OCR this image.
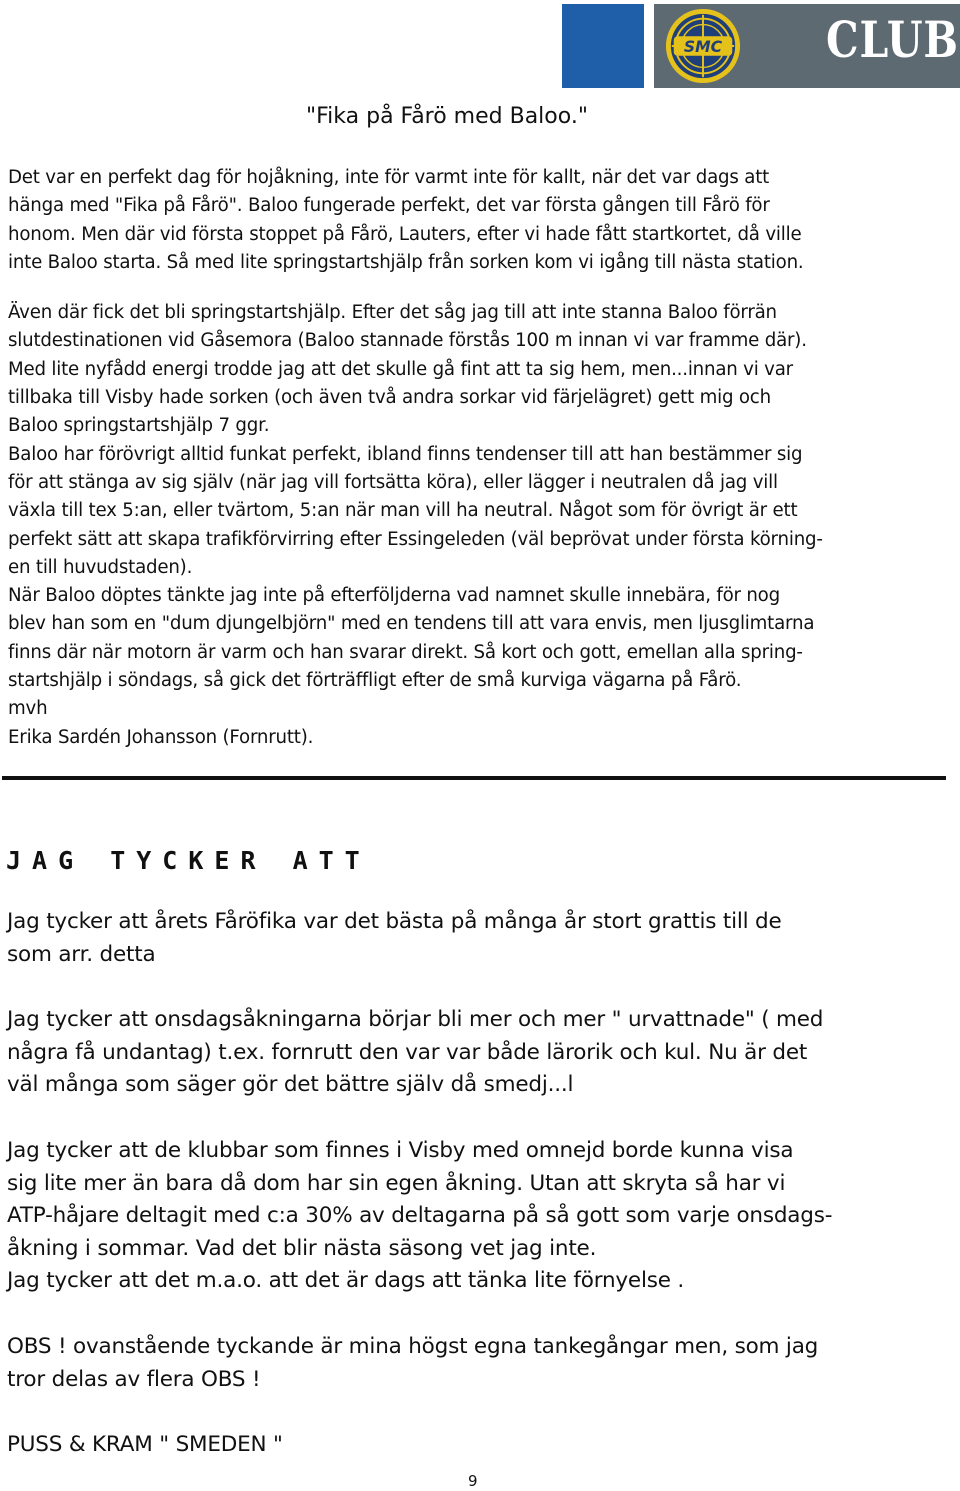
SMC CLUB
"Fika på Fårö med Baloo."

Det var en perfekt dag för hojåkning, inte för varmt inte för kallt, när det var dags att

hänga med "Fika på Fårö". Baloo fungerade perfekt, det var första gången till Fårö för

honom. Men där vid första stoppet på Fårö, Lauters, efter vi hade fått startkortet, då ville

inte Baloo starta. Så med lite springstartshjälp från sorken kom vi igång till nästa station.

Även där fick det bli springstartshjälp. Efter det såg jag till att inte stanna Baloo förrän

slutdestinationen vid Gåsemora (Baloo stannade förstås 100 m innan vi var framme där).

Med lite nyfådd energi trodde jag att det skulle gå fint att ta sig hem, men...innan vi var

tillbaka till Visby hade sorken (och även två andra sorkar vid färjelägret) gett mig och

Baloo springstartshjälp 7 ggr.

Baloo har förövrigt alltid funkat perfekt, ibland finns tendenser till att han bestämmer sig

för att stänga av sig själv (när jag vill fortsätta köra), eller lägger i neutralen då jag vill

växla till tex 5:an, eller tvärtom, 5:an när man vill ha neutral. Något som för övrigt är ett

perfekt sätt att skapa trafikförvirring efter Essingeleden (väl beprövat under första körning-

en till huvudstaden).

När Baloo döptes tänkte jag inte på efterföljderna vad namnet skulle innebära, för nog

blev han som en "dum djungelbjörn" med en tendens till att vara envis, men ljusglimtarna

finns där när motorn är varm och han svarar direkt. Så kort och gott, emellan alla spring-

startshjälp i söndags, så gick det förträffligt efter de små kurviga vägarna på Fårö.

mvh

Erika Sardén Johansson (Fornrutt).

JAG TYCKER ATT

Jag tycker att årets Fåröfika var det bästa på många år stort grattis till de

som arr. detta

Jag tycker att onsdagsåkningarna börjar bli mer och mer " urvattnade" ( med

några få undantag) t.ex. fornrutt den var var både lärorik och kul. Nu är det

väl många som säger gör det bättre själv då smedj...l

Jag tycker att de klubbar som finnes i Visby med omnejd borde kunna visa

sig lite mer än bara då dom har sin egen åkning. Utan att skryta så har vi

ATP-håjare deltagit med c:a 30% av deltagarna på så gott som varje onsdags-

åkning i sommar. Vad det blir nästa säsong vet jag inte.

Jag tycker att det m.a.o. att det är dags att tänka lite förnyelse .

OBS ! ovanstående tyckande är mina högst egna tankegångar men, som jag

tror delas av flera OBS !

PUSS & KRAM " SMEDEN "

9
